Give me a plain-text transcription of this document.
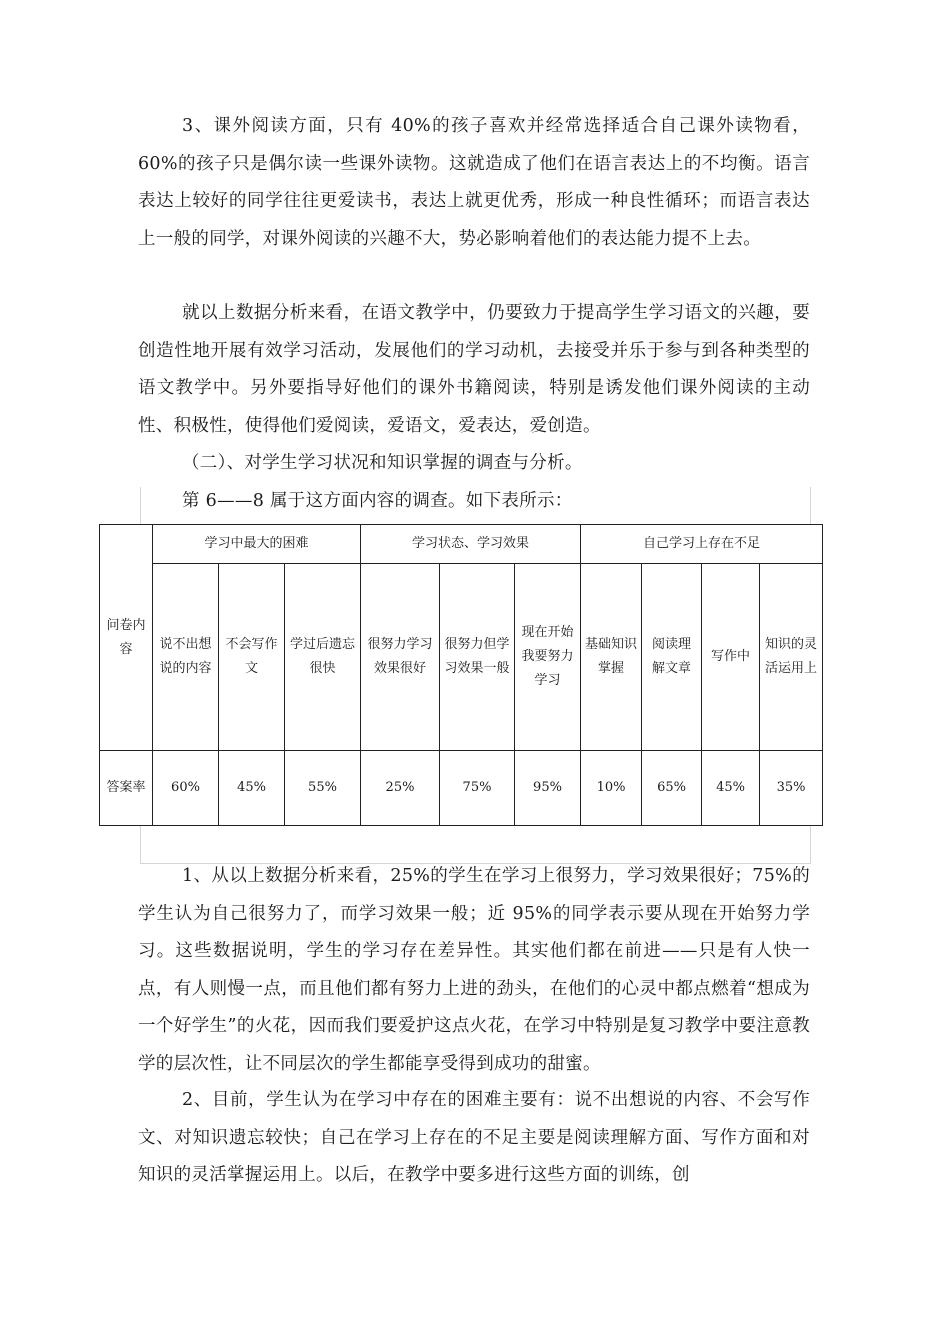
3、课外阅读方面，只有 40%的孩子喜欢并经常选择适合自己课外读物看，60%的孩子只是偶尔读一些课外读物。这就造成了他们在语言表达上的不均衡。语言表达上较好的同学往往更爱读书，表达上就更优秀，形成一种良性循环；而语言表达上一般的同学，对课外阅读的兴趣不大，势必影响着他们的表达能力提不上去。

就以上数据分析来看，在语文教学中，仍要致力于提高学生学习语文的兴趣，要创造性地开展有效学习活动，发展他们的学习动机，去接受并乐于参与到各种类型的语文教学中。另外要指导好他们的课外书籍阅读，特别是诱发他们课外阅读的主动性、积极性，使得他们爱阅读，爱语文，爱表达，爱创造。

（二）、对学生学习状况和知识掌握的调查与分析。

第 6——8 属于这方面内容的调查。如下表所示：

问卷内容	学习中最大的困难			学习状态、学习效果			自己学习上存在不足			
	说不出想说的内容	不会写作文	学过后遗忘很快	很努力学习效果很好	很努力但学习效果一般	现在开始我要努力学习	基础知识掌握	阅读理解文章	写作中	知识的灵活运用上
答案率	60%	45%	55%	25%	75%	95%	10%	65%	45%	35%

1、从以上数据分析来看，25%的学生在学习上很努力，学习效果很好；75%的学生认为自己很努力了，而学习效果一般；近 95%的同学表示要从现在开始努力学习。这些数据说明，学生的学习存在差异性。其实他们都在前进——只是有人快一点，有人则慢一点，而且他们都有努力上进的劲头，在他们的心灵中都点燃着“想成为一个好学生”的火花，因而我们要爱护这点火花，在学习中特别是复习教学中要注意教学的层次性，让不同层次的学生都能享受得到成功的甜蜜。

2、目前，学生认为在学习中存在的困难主要有：说不出想说的内容、不会写作文、对知识遗忘较快；自己在学习上存在的不足主要是阅读理解方面、写作方面和对知识的灵活掌握运用上。以后，在教学中要多进行这些方面的训练，创
